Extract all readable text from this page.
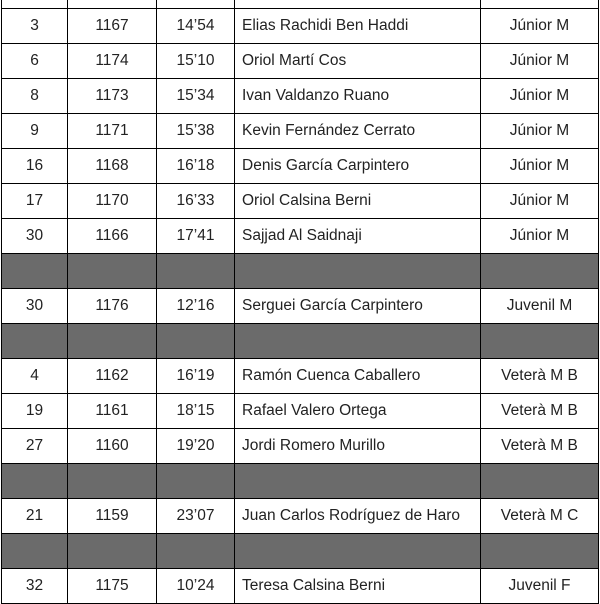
3	1167	14’54	Elias Rachidi Ben Haddi	Júnior M
6	1174	15’10	Oriol Martí Cos	Júnior M
8	1173	15’34	Ivan Valdanzo Ruano	Júnior M
9	1171	15’38	Kevin Fernández Cerrato	Júnior M
16	1168	16’18	Denis García Carpintero	Júnior M
17	1170	16’33	Oriol Calsina Berni	Júnior M
30	1166	17’41	Sajjad Al Saidnaji	Júnior M

30	1176	12’16	Serguei García Carpintero	Juvenil M

4	1162	16’19	Ramón Cuenca Caballero	Veterà M B
19	1161	18’15	Rafael Valero Ortega	Veterà M B
27	1160	19’20	Jordi Romero Murillo	Veterà M B

21	1159	23’07	Juan Carlos Rodríguez de Haro	Veterà M C

32	1175	10’24	Teresa Calsina Berni	Juvenil F
